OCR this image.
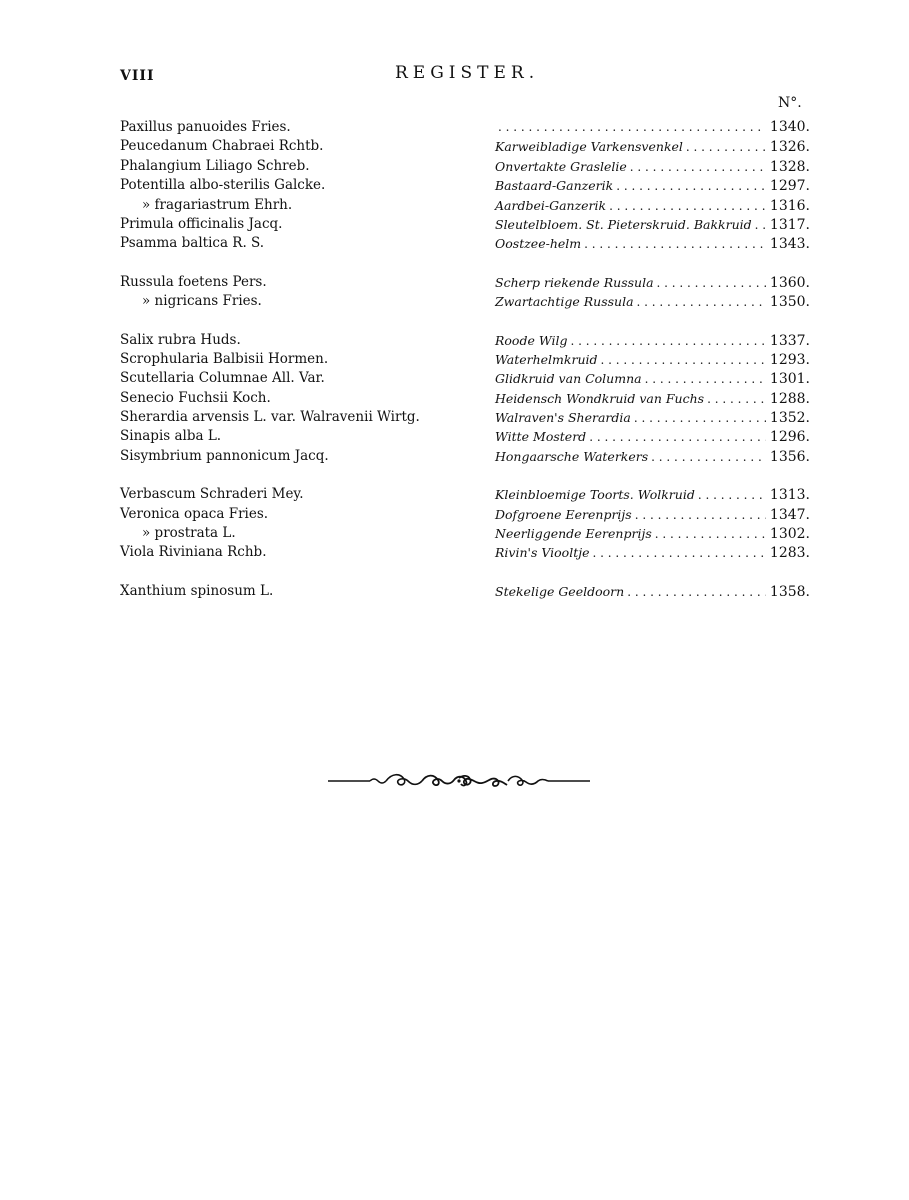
VIII	REGISTER.
N°.
Paxillus panuoides Fries. . . .	1340.
Peucedanum Chabraei Rchtb.	Karweibladige Varkensvenkel . . .	1326.
Phalangium Liliago Schreb.	Onvertakte Graslelie . . .	1328.
Potentilla albo-sterilis Galcke.	Bastaard-Ganzerik . . .	1297.
» fragariastrum Ehrh.	Aardbei-Ganzerik . . .	1316.
Primula officinalis Jacq.	Sleutelbloem. St. Pieterskruid. Bakkruid . . . 1317.
Psamma baltica R. S.	Oostzee-helm . . .	1343.
Russula foetens Pers.	Scherp riekende Russula . . .	1360.
» nigricans Fries.	Zwartachtige Russula . . .	1350.
Salix rubra Huds.	Roode Wilg . . .	1337.
Scrophularia Balbisii Hormen.	Waterhelmkruid . . .	1293.
Scutellaria Columnae All. Var.	Glidkruid van Columna . . .	1301.
Senecio Fuchsii Koch.	Heidensch Wondkruid van Fuchs . . .	1288.
Sherardia arvensis L. var. Walravenii Wirtg.	Walraven's Sherardia . . .	1352.
Sinapis alba L.	Witte Mosterd . . .	1296.
Sisymbrium pannonicum Jacq.	Hongaarsche Waterkers . . .	1356.
Verbascum Schraderi Mey.	Kleinbloemige Toorts. Wolkruid . . .	1313.
Veronica opaca Fries.	Dofgroene Eerenprijs . . .	1347.
» prostrata L.	Neerliggende Eerenprijs . . .	1302.
Viola Riviniana Rchb.	Rivin's Viooltje . . .	1283.
Xanthium spinosum L.	Stekelige Geeldoorn . . .	1358.
